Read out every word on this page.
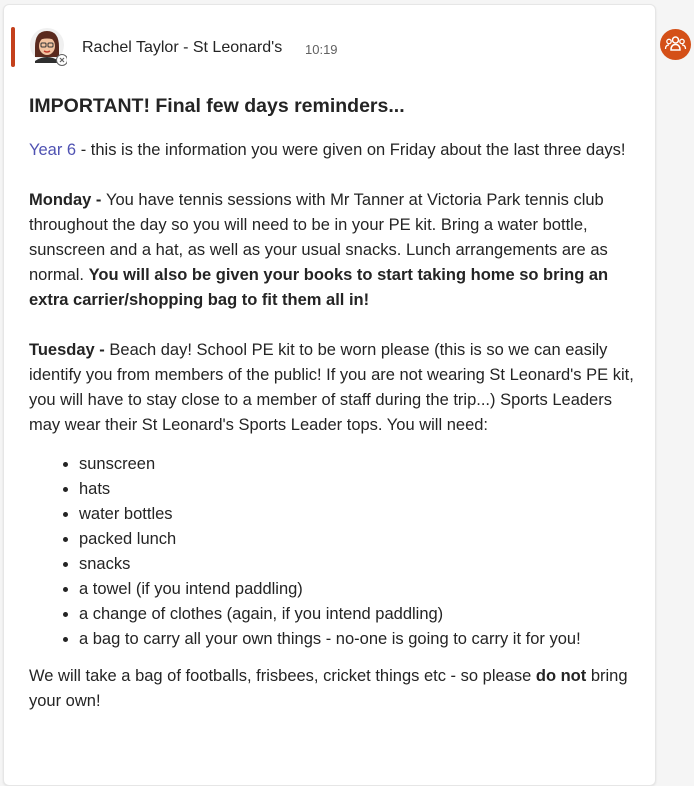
Rachel Taylor - St Leonard's 10:19
IMPORTANT! Final few days reminders...

Year 6 - this is the information you were given on Friday about the last three days!

Monday - You have tennis sessions with Mr Tanner at Victoria Park tennis club throughout the day so you will need to be in your PE kit. Bring a water bottle, sunscreen and a hat, as well as your usual snacks. Lunch arrangements are as normal. You will also be given your books to start taking home so bring an extra carrier/shopping bag to fit them all in!

Tuesday - Beach day! School PE kit to be worn please (this is so we can easily identify you from members of the public! If you are not wearing St Leonard's PE kit, you will have to stay close to a member of staff during the trip...) Sports Leaders may wear their St Leonard's Sports Leader tops. You will need:

• sunscreen
• hats
• water bottles
• packed lunch
• snacks
• a towel (if you intend paddling)
• a change of clothes (again, if you intend paddling)
• a bag to carry all your own things - no-one is going to carry it for you!

We will take a bag of footballs, frisbees, cricket things etc - so please do not bring your own!
